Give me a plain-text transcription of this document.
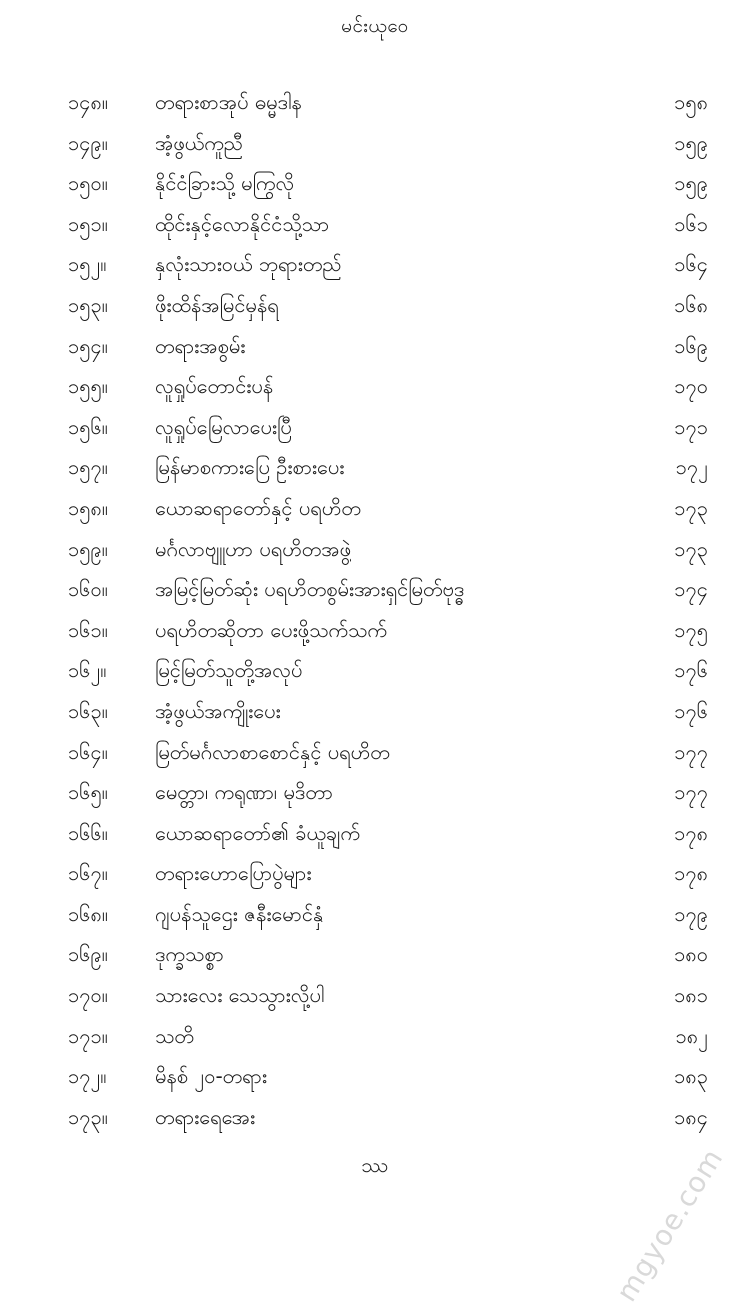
မင်းယုဝေ
၁၄၈။	တရားစာအုပ် ဓမ္မဒါန	၁၅၈
၁၄၉။	အံ့ဖွယ်ကူညီ	၁၅၉
၁၅၀။	နိုင်ငံခြားသို့ မကြွလို	၁၅၉
၁၅၁။	ထိုင်းနှင့်လောနိုင်ငံသို့သာ	၁၆၁
၁၅၂။	နှလုံးသားဝယ် ဘုရားတည်	၁၆၄
၁၅၃။	ဖိုးထိန်အမြင်မှန်ရ	၁၆၈
၁၅၄။	တရားအစွမ်း	၁၆၉
၁၅၅။	လူရှုပ်တောင်းပန်	၁၇၀
၁၅၆။	လူရှုပ်မြေလာပေးပြီ	၁၇၁
၁၅၇။	မြန်မာစကားပြေ ဦးစားပေး	၁၇၂
၁၅၈။	ယောဆရာတော်နှင့် ပရဟိတ	၁၇၃
၁၅၉။	မင်္ဂလာဗျူဟာ ပရဟိတအဖွဲ့	၁၇၃
၁၆၀။	အမြင့်မြတ်ဆုံး ပရဟိတစွမ်းအားရှင်မြတ်ဗုဒ္ဓ	၁၇၄
၁၆၁။	ပရဟိတဆိုတာ ပေးဖို့သက်သက်	၁၇၅
၁၆၂။	မြင့်မြတ်သူတို့အလုပ်	၁၇၆
၁၆၃။	အံ့ဖွယ်အကျိုးပေး	၁၇၆
၁၆၄။	မြတ်မင်္ဂလာစာစောင်နှင့် ပရဟိတ	၁၇၇
၁၆၅။	မေတ္တာ၊ ကရုဏာ၊ မုဒိတာ	၁၇၇
၁၆၆။	ယောဆရာတော်၏ ခံယူချက်	၁၇၈
၁၆၇။	တရားဟောပြောပွဲများ	၁၇၈
၁၆၈။	ဂျပန်သူဌေး ဇနီးမောင်နှံ	၁၇၉
၁၆၉။	ဒုက္ခသစ္စာ	၁၈၀
၁၇၀။	သားလေး သေသွားလို့ပါ	၁၈၁
၁၇၁။	သတိ	၁၈၂
၁၇၂။	မိနစ် ၂၀-တရား	၁၈၃
၁၇၃။	တရားရေအေး	၁၈၄
ဿ	mgyoe.com
